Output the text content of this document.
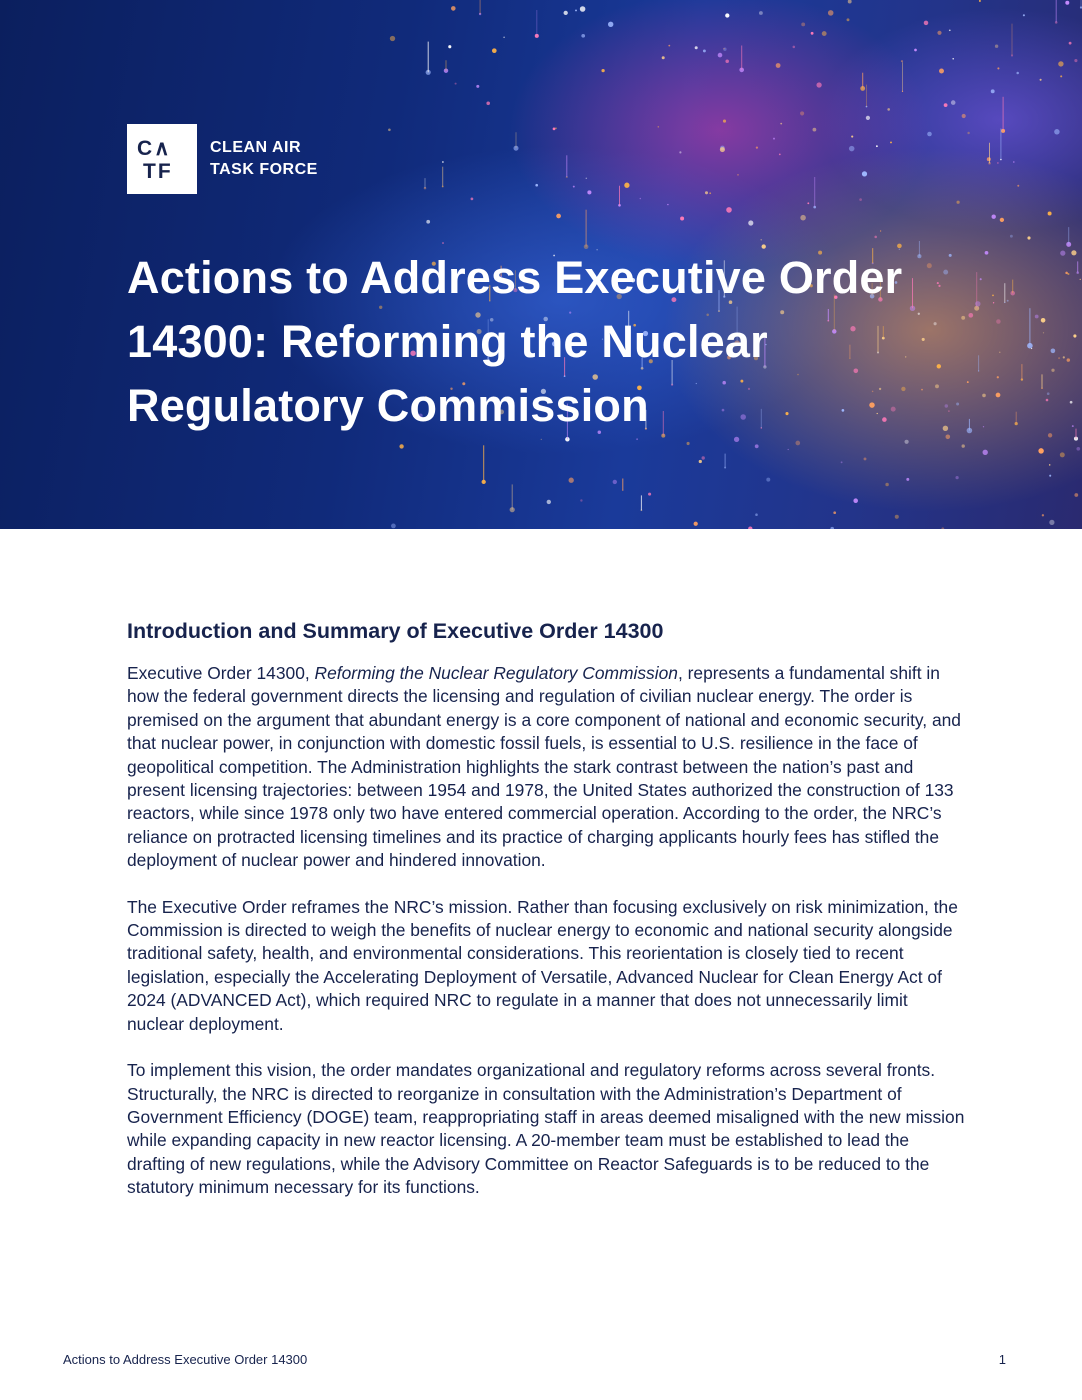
C∧
TF
CLEAN AIR
TASK FORCE
Actions to Address Executive Order 14300: Reforming the Nuclear Regulatory Commission
Introduction and Summary of Executive Order 14300

Executive Order 14300, Reforming the Nuclear Regulatory Commission, represents a fundamental shift in how the federal government directs the licensing and regulation of civilian nuclear energy. The order is premised on the argument that abundant energy is a core component of national and economic security, and that nuclear power, in conjunction with domestic fossil fuels, is essential to U.S. resilience in the face of geopolitical competition. The Administration highlights the stark contrast between the nation’s past and present licensing trajectories: between 1954 and 1978, the United States authorized the construction of 133 reactors, while since 1978 only two have entered commercial operation. According to the order, the NRC’s reliance on protracted licensing timelines and its practice of charging applicants hourly fees has stifled the deployment of nuclear power and hindered innovation.

The Executive Order reframes the NRC’s mission. Rather than focusing exclusively on risk minimization, the Commission is directed to weigh the benefits of nuclear energy to economic and national security alongside traditional safety, health, and environmental considerations. This reorientation is closely tied to recent legislation, especially the Accelerating Deployment of Versatile, Advanced Nuclear for Clean Energy Act of 2024 (ADVANCED Act), which required NRC to regulate in a manner that does not unnecessarily limit nuclear deployment.

To implement this vision, the order mandates organizational and regulatory reforms across several fronts. Structurally, the NRC is directed to reorganize in consultation with the Administration’s Department of Government Efficiency (DOGE) team, reappropriating staff in areas deemed misaligned with the new mission while expanding capacity in new reactor licensing. A 20-member team must be established to lead the drafting of new regulations, while the Advisory Committee on Reactor Safeguards is to be reduced to the statutory minimum necessary for its functions.

Actions to Address Executive Order 14300	1
